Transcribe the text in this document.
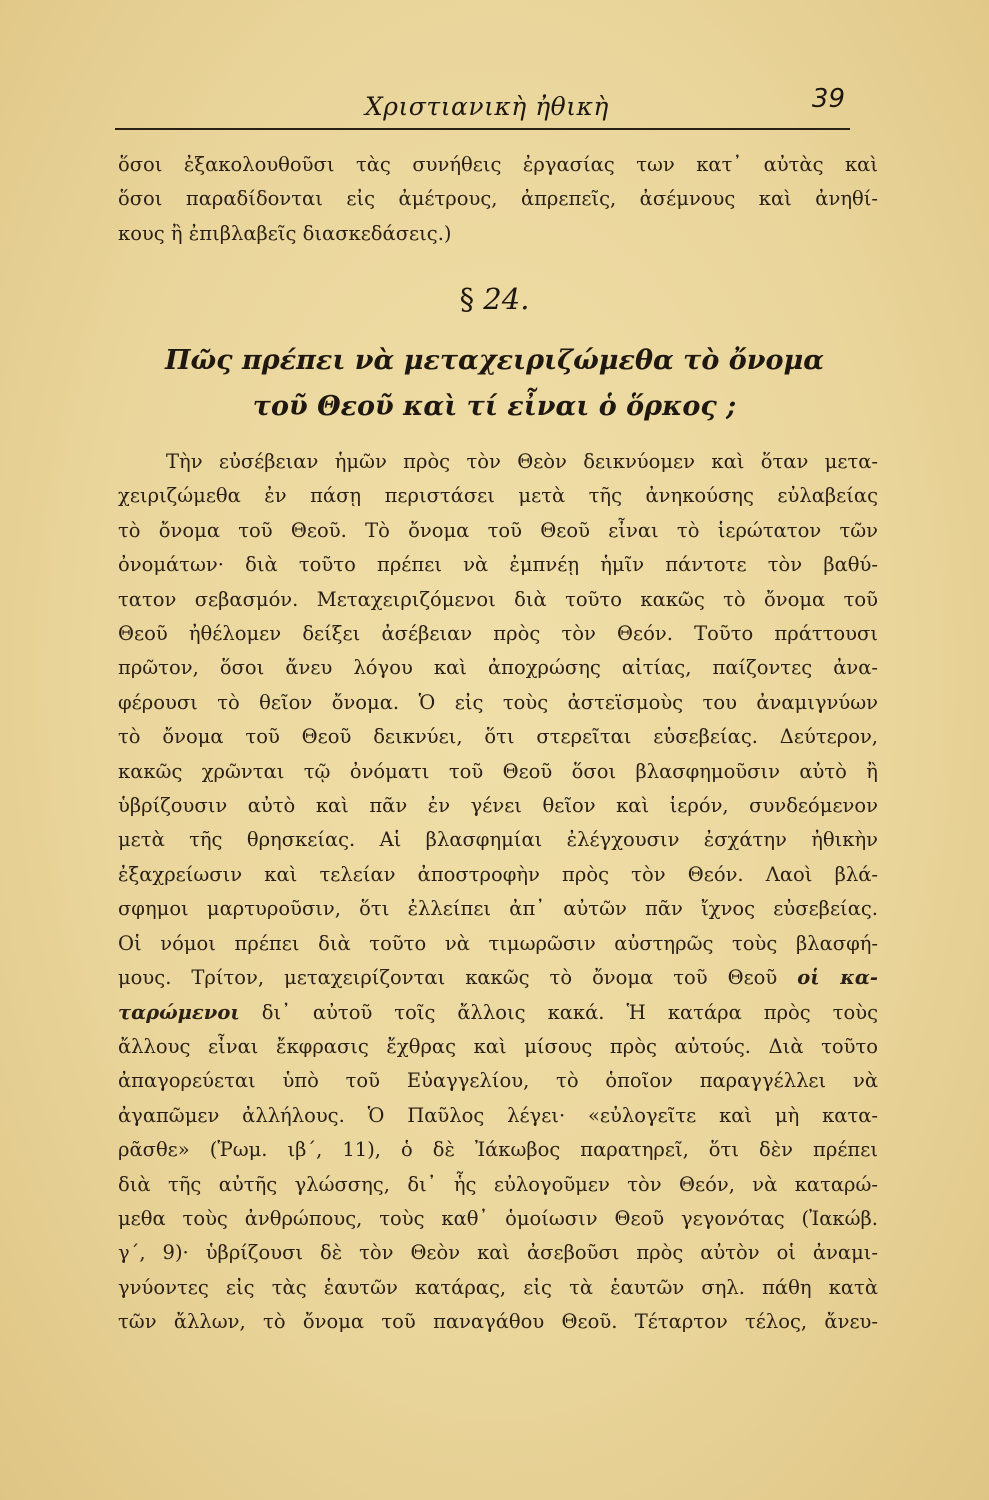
Χριστιανικὴ ἠθικὴ	39
ὅσοι ἐξακολουθοῦσι τὰς συνήθεις ἐργασίας των κατ᾽ αὐτὰς καὶ
ὅσοι παραδίδονται εἰς ἀμέτρους, ἀπρεπεῖς, ἀσέμνους καὶ ἀνηθί-
κους ἢ ἐπιβλαβεῖς διασκεδάσεις.)
§ 24.
Πῶς πρέπει νὰ μεταχειριζώμεθα τὸ ὄνομα
τοῦ Θεοῦ καὶ τί εἶναι ὁ ὅρκος ;
Τὴν εὐσέβειαν ἡμῶν πρὸς τὸν Θεὸν δεικνύομεν καὶ ὅταν μετα-
χειριζώμεθα ἐν πάσῃ περιστάσει μετὰ τῆς ἀνηκούσης εὐλαβείας
τὸ ὄνομα τοῦ Θεοῦ. Τὸ ὄνομα τοῦ Θεοῦ εἶναι τὸ ἱερώτατον τῶν
ὀνομάτων· διὰ τοῦτο πρέπει νὰ ἐμπνέῃ ἡμῖν πάντοτε τὸν βαθύ-
τατον σεβασμόν. Μεταχειριζόμενοι διὰ τοῦτο κακῶς τὸ ὄνομα τοῦ
Θεοῦ ἠθέλομεν δείξει ἀσέβειαν πρὸς τὸν Θεόν. Τοῦτο πράττουσι
πρῶτον, ὅσοι ἄνευ λόγου καὶ ἀποχρώσης αἰτίας, παίζοντες ἀνα-
φέρουσι τὸ θεῖον ὄνομα. Ὁ εἰς τοὺς ἀστεϊσμοὺς του ἀναμιγνύων
τὸ ὄνομα τοῦ Θεοῦ δεικνύει, ὅτι στερεῖται εὐσεβείας. Δεύτερον,
κακῶς χρῶνται τῷ ὀνόματι τοῦ Θεοῦ ὅσοι βλασφημοῦσιν αὐτὸ ἢ
ὑβρίζουσιν αὐτὸ καὶ πᾶν ἐν γένει θεῖον καὶ ἱερόν, συνδεόμενον
μετὰ τῆς θρησκείας. Αἱ βλασφημίαι ἐλέγχουσιν ἐσχάτην ἠθικὴν
ἐξαχρείωσιν καὶ τελείαν ἀποστροφὴν πρὸς τὸν Θεόν. Λαοὶ βλά-
σφημοι μαρτυροῦσιν, ὅτι ἐλλείπει ἀπ᾽ αὐτῶν πᾶν ἴχνος εὐσεβείας.
Οἱ νόμοι πρέπει διὰ τοῦτο νὰ τιμωρῶσιν αὐστηρῶς τοὺς βλασφή-
μους. Τρίτον, μεταχειρίζονται κακῶς τὸ ὄνομα τοῦ Θεοῦ οἱ κα-
ταρώμενοι δι᾽ αὐτοῦ τοῖς ἄλλοις κακά. Ἡ κατάρα πρὸς τοὺς
ἄλλους εἶναι ἔκφρασις ἔχθρας καὶ μίσους πρὸς αὐτούς. Διὰ τοῦτο
ἀπαγορεύεται ὑπὸ τοῦ Εὐαγγελίου, τὸ ὁποῖον παραγγέλλει νὰ
ἀγαπῶμεν ἀλλήλους. Ὁ Παῦλος λέγει· «εὐλογεῖτε καὶ μὴ κατα-
ρᾶσθε» (Ῥωμ. ιβ΄, 11), ὁ δὲ Ἰάκωβος παρατηρεῖ, ὅτι δὲν πρέπει
διὰ τῆς αὐτῆς γλώσσης, δι᾽ ἧς εὐλογοῦμεν τὸν Θεόν, νὰ καταρώ-
μεθα τοὺς ἀνθρώπους, τοὺς καθ᾽ ὁμοίωσιν Θεοῦ γεγονότας (Ἰακώβ.
γ΄, 9)· ὑβρίζουσι δὲ τὸν Θεὸν καὶ ἀσεβοῦσι πρὸς αὐτὸν οἱ ἀναμι-
γνύοντες εἰς τὰς ἑαυτῶν κατάρας, εἰς τὰ ἑαυτῶν σηλ. πάθη κατὰ
τῶν ἄλλων, τὸ ὄνομα τοῦ παναγάθου Θεοῦ. Τέταρτον τέλος, ἄνευ-
